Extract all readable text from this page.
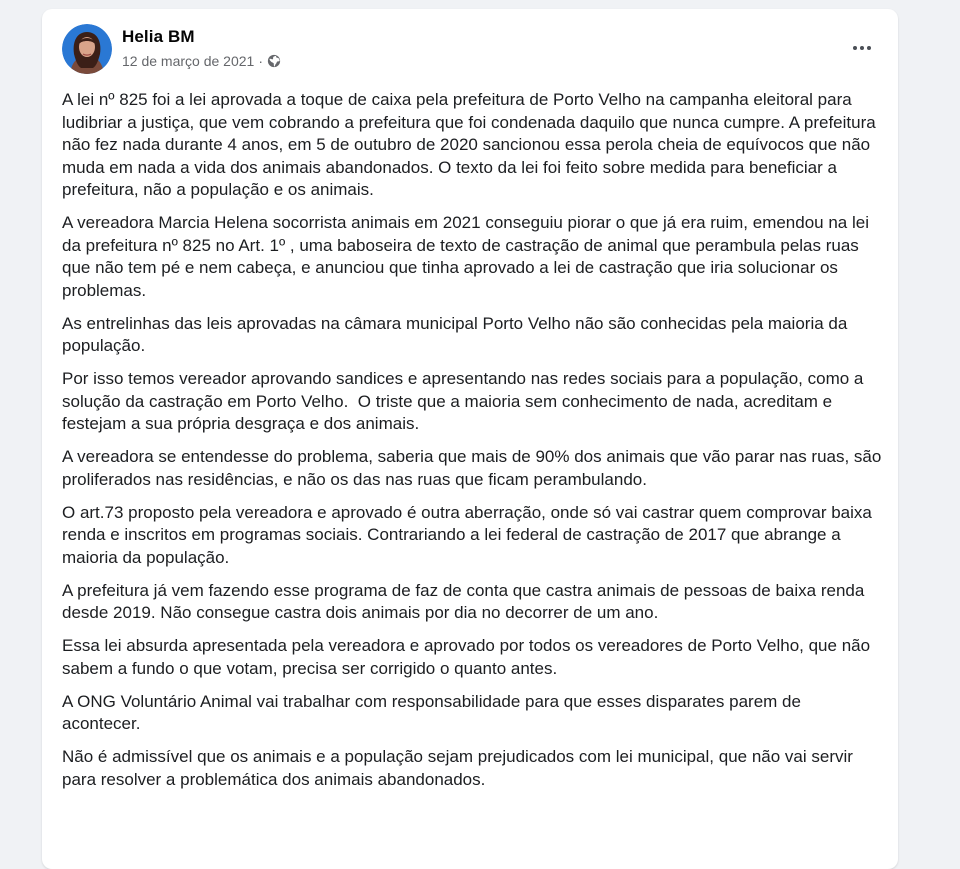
Helia BM
12 de março de 2021 ·

A lei nº 825 foi a lei aprovada a toque de caixa pela prefeitura de Porto Velho na campanha eleitoral para ludibriar a justiça, que vem cobrando a prefeitura que foi condenada daquilo que nunca cumpre. A prefeitura não fez nada durante 4 anos, em 5 de outubro de 2020 sancionou essa perola cheia de equívocos que não muda em nada a vida dos animais abandonados. O texto da lei foi feito sobre medida para beneficiar a prefeitura, não a população e os animais.

A vereadora Marcia Helena socorrista animais em 2021 conseguiu piorar o que já era ruim, emendou na lei da prefeitura nº 825 no Art. 1º , uma baboseira de texto de castração de animal que perambula pelas ruas que não tem pé e nem cabeça, e anunciou que tinha aprovado a lei de castração que iria solucionar os problemas.

As entrelinhas das leis aprovadas na câmara municipal Porto Velho não são conhecidas pela maioria da população.

Por isso temos vereador aprovando sandices e apresentando nas redes sociais para a população, como a solução da castração em Porto Velho.  O triste que a maioria sem conhecimento de nada, acreditam e festejam a sua própria desgraça e dos animais.

A vereadora se entendesse do problema, saberia que mais de 90% dos animais que vão parar nas ruas, são proliferados nas residências, e não os das nas ruas que ficam perambulando.

O art.73 proposto pela vereadora e aprovado é outra aberração, onde só vai castrar quem comprovar baixa renda e inscritos em programas sociais. Contrariando a lei federal de castração de 2017 que abrange a maioria da população.

A prefeitura já vem fazendo esse programa de faz de conta que castra animais de pessoas de baixa renda desde 2019. Não consegue castra dois animais por dia no decorrer de um ano.

Essa lei absurda apresentada pela vereadora e aprovado por todos os vereadores de Porto Velho, que não sabem a fundo o que votam, precisa ser corrigido o quanto antes.

A ONG Voluntário Animal vai trabalhar com responsabilidade para que esses disparates parem de acontecer.

Não é admissível que os animais e a população sejam prejudicados com lei municipal, que não vai servir para resolver a problemática dos animais abandonados.
